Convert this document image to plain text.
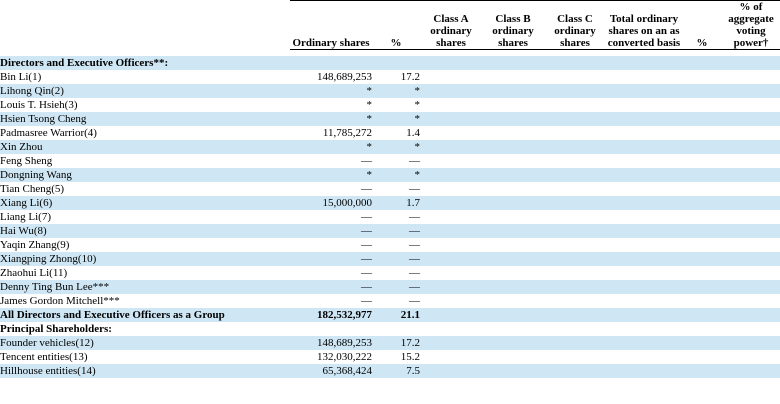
	Ordinary shares	%	Class A ordinary shares	Class B ordinary shares	Class C ordinary shares	Total ordinary shares on an as converted basis	%	% of aggregate voting power†

Directors and Executive Officers**:								
Bin Li(1)	148,689,253	17.2						
Lihong Qin(2)	*	*						
Louis T. Hsieh(3)	*	*						
Hsien Tsong Cheng	*	*						
Padmasree Warrior(4)	11,785,272	1.4						
Xin Zhou	*	*						
Feng Sheng	—	—						
Dongning Wang	*	*						
Tian Cheng(5)	—	—						
Xiang Li(6)	15,000,000	1.7						
Liang Li(7)	—	—						
Hai Wu(8)	—	—						
Yaqin Zhang(9)	—	—						
Xiangping Zhong(10)	—	—						
Zhaohui Li(11)	—	—						
Denny Ting Bun Lee***	—	—						
James Gordon Mitchell***	—	—						
All Directors and Executive Officers as a Group	182,532,977	21.1						
Principal Shareholders:								
Founder vehicles(12)	148,689,253	17.2						
Tencent entities(13)	132,030,222	15.2						
Hillhouse entities(14)	65,368,424	7.5						
